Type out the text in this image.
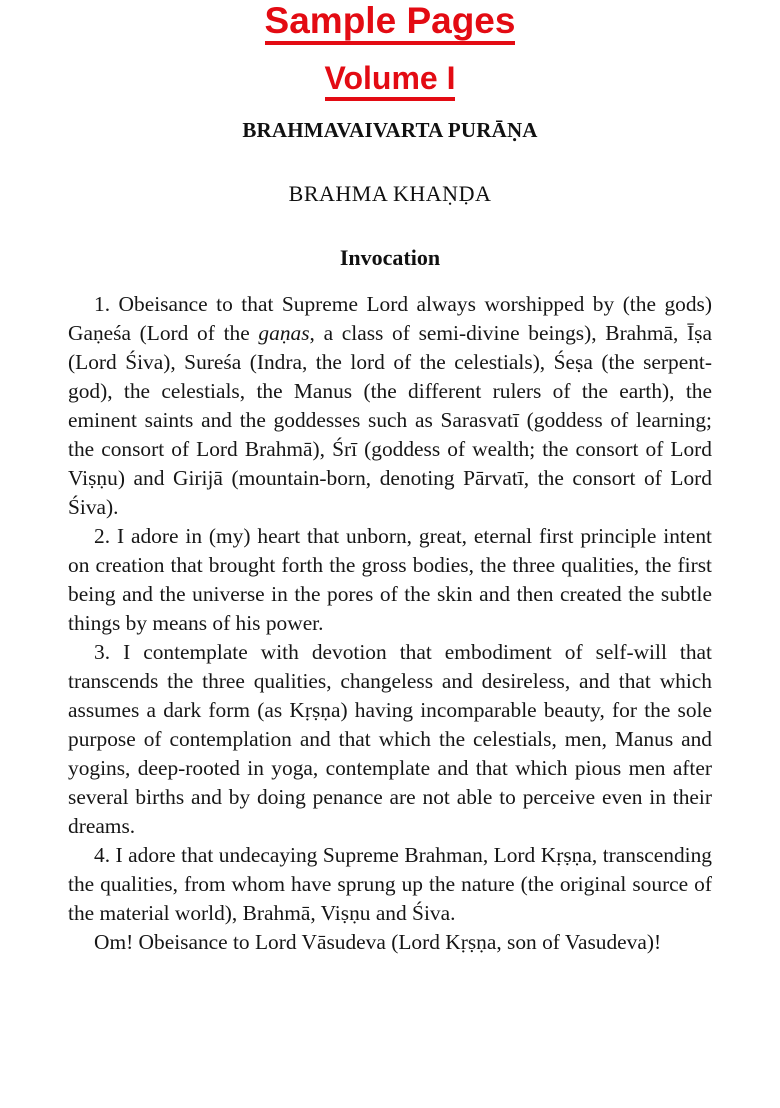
Sample Pages
Volume I
BRAHMAVAIVARTA PURĀṆA
BRAHMA KHAṆḌA
Invocation

1. Obeisance to that Supreme Lord always worshipped by (the gods) Gaṇeśa (Lord of the gaṇas, a class of semi-divine beings), Brahmā, Īṣa (Lord Śiva), Sureśa (Indra, the lord of the celestials), Śeṣa (the serpent-god), the celestials, the Manus (the different rulers of the earth), the eminent saints and the goddesses such as Sarasvatī (goddess of learning; the consort of Lord Brahmā), Śrī (goddess of wealth; the consort of Lord Viṣṇu) and Girijā (mountain-born, denoting Pārvatī, the consort of Lord Śiva).

2. I adore in (my) heart that unborn, great, eternal first principle intent on creation that brought forth the gross bodies, the three qualities, the first being and the universe in the pores of the skin and then created the subtle things by means of his power.

3. I contemplate with devotion that embodiment of self-will that transcends the three qualities, changeless and desireless, and that which assumes a dark form (as Kṛṣṇa) having incomparable beauty, for the sole purpose of contemplation and that which the celestials, men, Manus and yogins, deep-rooted in yoga, contemplate and that which pious men after several births and by doing penance are not able to perceive even in their dreams.

4. I adore that undecaying Supreme Brahman, Lord Kṛṣṇa, transcending the qualities, from whom have sprung up the nature (the original source of the material world), Brahmā, Viṣṇu and Śiva.

Om! Obeisance to Lord Vāsudeva (Lord Kṛṣṇa, son of Vasudeva)!
